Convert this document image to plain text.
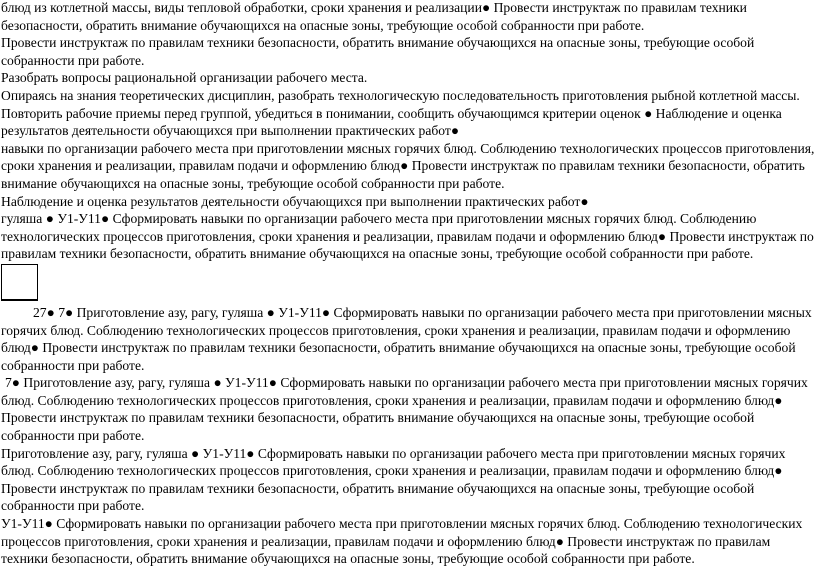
блюд из котлетной массы, виды тепловой обработки, сроки хранения и реализации● Провести инструктаж по правилам техники безопасности, обратить внимание обучающихся на опасные зоны, требующие особой собранности при работе.

Провести инструктаж по правилам техники безопасности, обратить внимание обучающихся на опасные зоны, требующие особой собранности при работе.

Разобрать вопросы рациональной организации рабочего места.

Опираясь на знания теоретических дисциплин, разобрать технологическую последовательность приготовления рыбной котлетной массы.

Повторить рабочие приемы перед группой, убедиться в понимании, сообщить обучающимся критерии оценок ● Наблюдение и оценка результатов деятельности обучающихся при выполнении практических работ●

навыки по организации рабочего места при приготовлении мясных горячих блюд. Соблюдению технологических процессов приготовления, сроки хранения и реализации, правилам подачи и оформлению блюд● Провести инструктаж по правилам техники безопасности, обратить внимание обучающихся на опасные зоны, требующие особой собранности при работе.

Наблюдение и оценка результатов деятельности обучающихся при выполнении практических работ●

гуляша ● У1-У11● Сформировать навыки по организации рабочего места при приготовлении мясных горячих блюд. Соблюдению технологических процессов приготовления, сроки хранения и реализации, правилам подачи и оформлению блюд● Провести инструктаж по правилам техники безопасности, обратить внимание обучающихся на опасные зоны, требующие особой собранности при работе.

27● 7● Приготовление азу, рагу, гуляша ● У1-У11● Сформировать навыки по организации рабочего места при приготовлении мясных горячих блюд. Соблюдению технологических процессов приготовления, сроки хранения и реализации, правилам подачи и оформлению блюд● Провести инструктаж по правилам техники безопасности, обратить внимание обучающихся на опасные зоны, требующие особой собранности при работе.

7● Приготовление азу, рагу, гуляша ● У1-У11● Сформировать навыки по организации рабочего места при приготовлении мясных горячих блюд. Соблюдению технологических процессов приготовления, сроки хранения и реализации, правилам подачи и оформлению блюд● Провести инструктаж по правилам техники безопасности, обратить внимание обучающихся на опасные зоны, требующие особой собранности при работе.

Приготовление азу, рагу, гуляша ● У1-У11● Сформировать навыки по организации рабочего места при приготовлении мясных горячих блюд. Соблюдению технологических процессов приготовления, сроки хранения и реализации, правилам подачи и оформлению блюд● Провести инструктаж по правилам техники безопасности, обратить внимание обучающихся на опасные зоны, требующие особой собранности при работе.

У1-У11● Сформировать навыки по организации рабочего места при приготовлении мясных горячих блюд. Соблюдению технологических процессов приготовления, сроки хранения и реализации, правилам подачи и оформлению блюд● Провести инструктаж по правилам техники безопасности, обратить внимание обучающихся на опасные зоны, требующие особой собранности при работе.
